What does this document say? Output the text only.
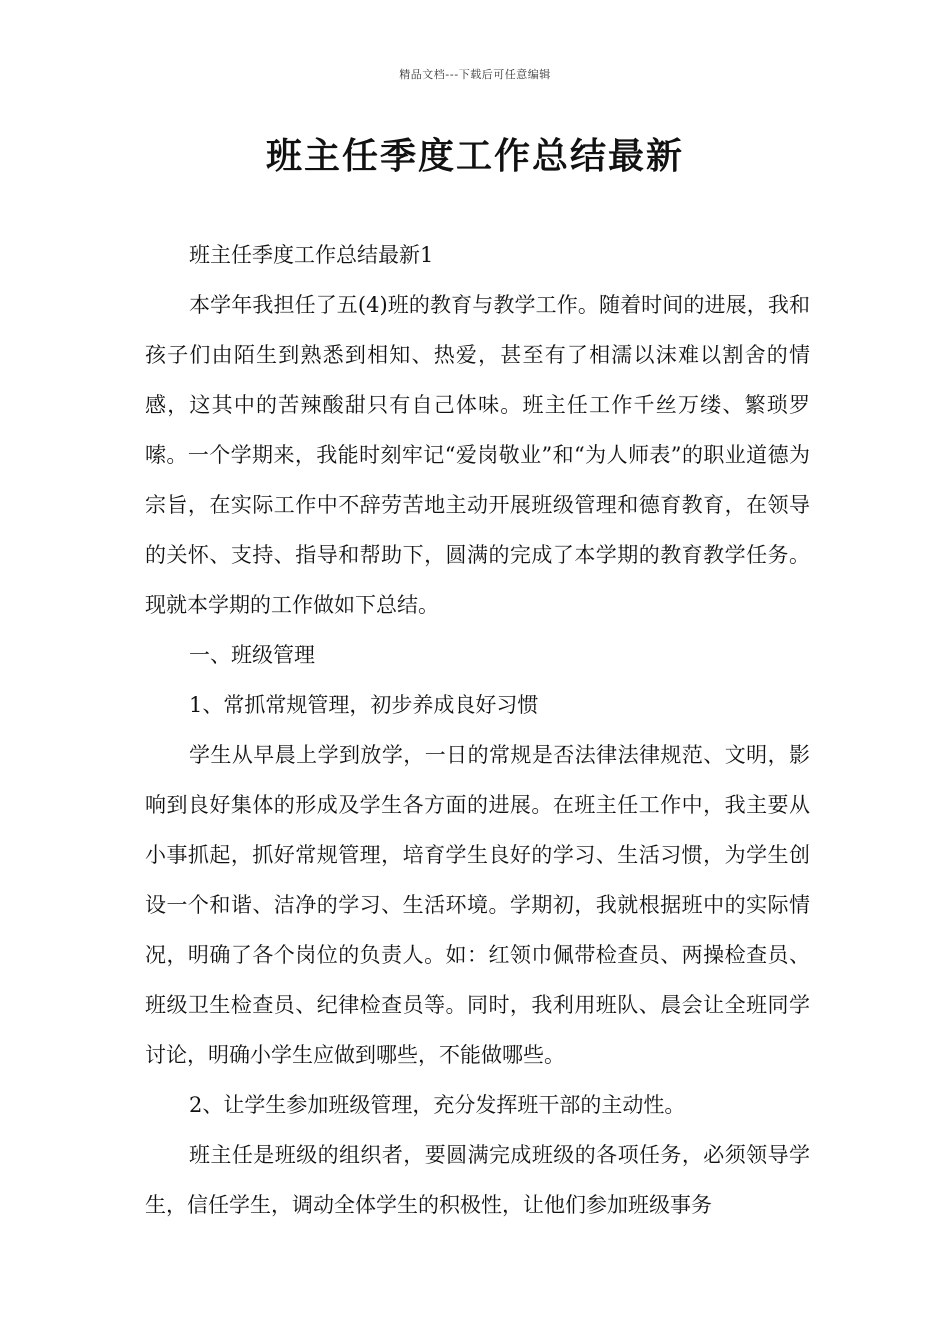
精品文档---下载后可任意编辑
班主任季度工作总结最新

班主任季度工作总结最新1

本学年我担任了五(4)班的教育与教学工作。随着时间的进展，我和孩子们由陌生到熟悉到相知、热爱，甚至有了相濡以沫难以割舍的情感，这其中的苦辣酸甜只有自己体味。班主任工作千丝万缕、繁琐罗嗦。一个学期来，我能时刻牢记“爱岗敬业”和“为人师表”的职业道德为宗旨，在实际工作中不辞劳苦地主动开展班级管理和德育教育，在领导的关怀、支持、指导和帮助下，圆满的完成了本学期的教育教学任务。现就本学期的工作做如下总结。

一、班级管理

1、常抓常规管理，初步养成良好习惯

学生从早晨上学到放学，一日的常规是否法律法律规范、文明，影响到良好集体的形成及学生各方面的进展。在班主任工作中，我主要从小事抓起，抓好常规管理，培育学生良好的学习、生活习惯，为学生创设一个和谐、洁净的学习、生活环境。学期初，我就根据班中的实际情况，明确了各个岗位的负责人。如：红领巾佩带检查员、两操检查员、班级卫生检查员、纪律检查员等。同时，我利用班队、晨会让全班同学讨论，明确小学生应做到哪些，不能做哪些。

2、让学生参加班级管理，充分发挥班干部的主动性。

班主任是班级的组织者，要圆满完成班级的各项任务，必须领导学生，信任学生，调动全体学生的积极性，让他们参加班级事务
